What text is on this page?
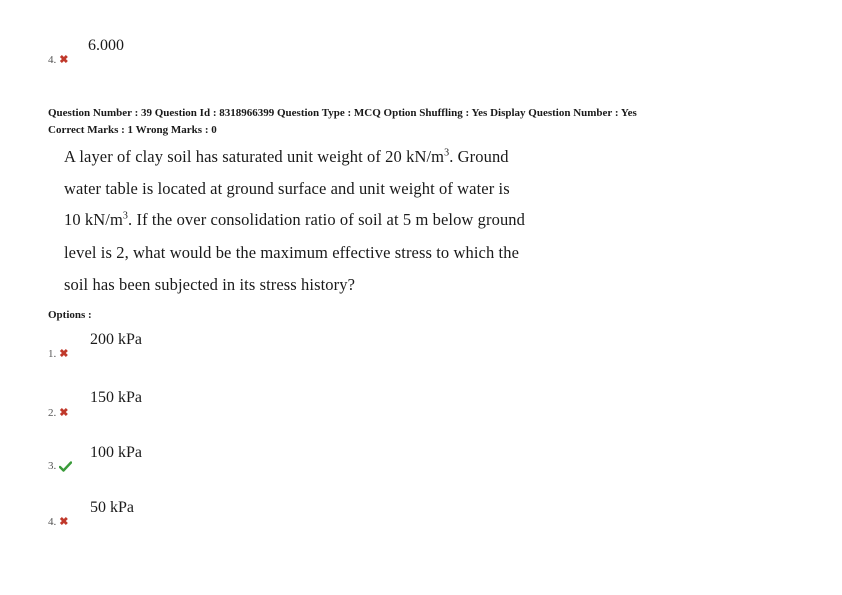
6.000
4. ✖
Question Number : 39 Question Id : 8318966399 Question Type : MCQ Option Shuffling : Yes Display Question Number : Yes
Correct Marks : 1 Wrong Marks : 0
A layer of clay soil has saturated unit weight of 20 $kN/m^3$. Ground
water table is located at ground surface and unit weight of water is
10 $kN/m^3$. If the over consolidation ratio of soil at 5 m below ground
level is 2, what would be the maximum effective stress to which the
soil has been subjected in its stress history?
Options :
200 kPa
1. ✖
150 kPa
2. ✖
100 kPa
3.
50 kPa
4. ✖
